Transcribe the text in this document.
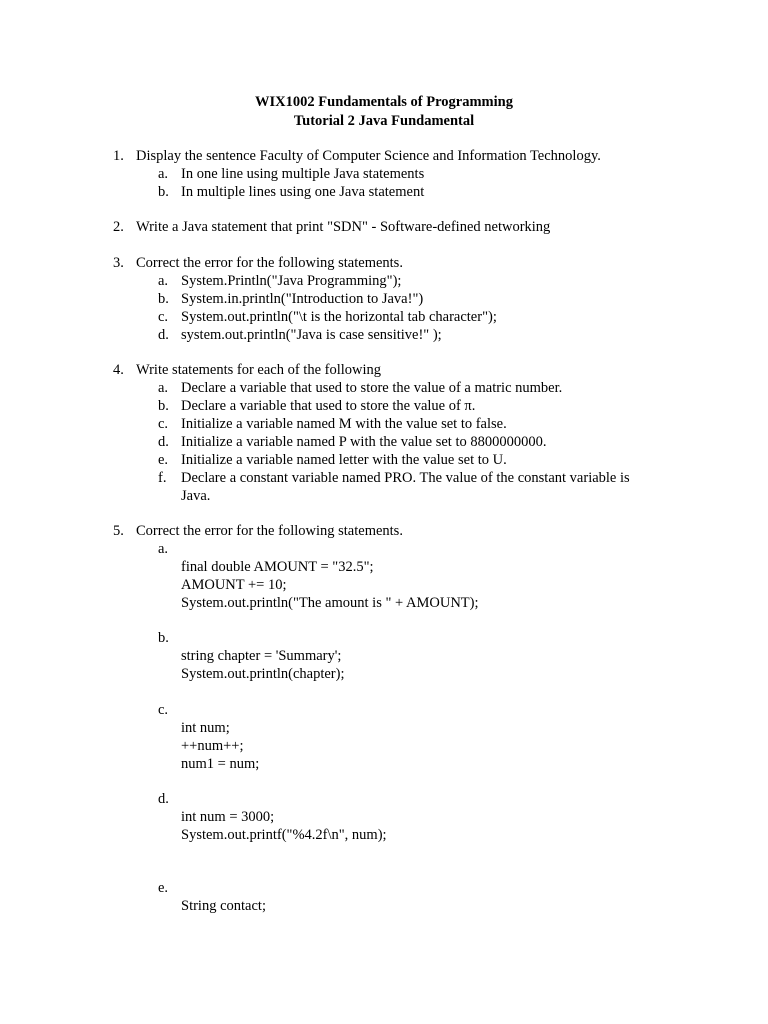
WIX1002 Fundamentals of Programming
Tutorial 2 Java Fundamental
1. Display the sentence Faculty of Computer Science and Information Technology.
a. In one line using multiple Java statements
b. In multiple lines using one Java statement
2. Write a Java statement that print "SDN" - Software-defined networking
3. Correct the error for the following statements.
a. System.Println("Java Programming");
b. System.in.println("Introduction to Java!")
c. System.out.println("\t is the horizontal tab character");
d. system.out.println("Java is case sensitive!" );
4. Write statements for each of the following
a. Declare a variable that used to store the value of a matric number.
b. Declare a variable that used to store the value of π.
c. Initialize a variable named M with the value set to false.
d. Initialize a variable named P with the value set to 8800000000.
e. Initialize a variable named letter with the value set to U.
f. Declare a constant variable named PRO. The value of the constant variable is
Java.
5. Correct the error for the following statements.
a.
final double AMOUNT = "32.5";
AMOUNT += 10;
System.out.println("The amount is " + AMOUNT);
b.
string chapter = 'Summary';
System.out.println(chapter);
c.
int num;
++num++;
num1 = num;
d.
int num = 3000;
System.out.printf("%4.2f\n", num);
e.
String contact;
